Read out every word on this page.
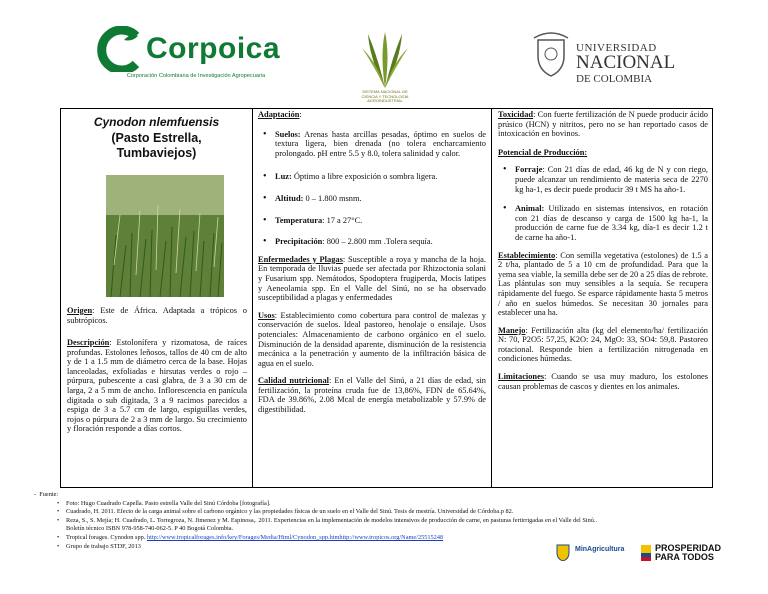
Corpoica
Corporación Colombiana de Investigación Agropecuaria
SISTEMA NACIONAL DE CIENCIA Y TECNOLOGÍA AGROINDUSTRIAL
UNIVERSIDAD
NACIONAL
DE COLOMBIA
Cynodon nlemfuensis
(Pasto Estrella, Tumbaviejos)
Origen: Este de África. Adaptada a trópicos o subtrópicos.
Descripción: Estolonífera y rizomatosa, de raíces profundas. Estolones leñosos, tallos de 40 cm de alto y de 1 a 1.5 mm de diámetro cerca de la base. Hojas lanceoladas, exfoliadas e hirsutas verdes o rojo – púrpura, pubescente a casi glabra, de 3 a 30 cm de larga, 2 a 5 mm de ancho. Inflorescencia en panícula digitada o sub digitada, 3 a 9 racimos parecidos a espiga de 3 a 5.7 cm de largo, espiguillas verdes, rojos o púrpura de 2 a 3 mm de largo. Su crecimiento y floración responde a días cortos.
Adaptación:
• Suelos: Arenas hasta arcillas pesadas, óptimo en suelos de textura ligera, bien drenada (no tolera encharcamiento prolongado. pH entre 5.5 y 8.0, tolera salinidad y calor.
• Luz: Óptimo a libre exposición o sombra ligera.
• Altitud: 0 – 1.800 msnm.
• Temperatura: 17 a 27°C.
• Precipitación: 800 – 2.800 mm .Tolera sequía.
Enfermedades y Plagas: Susceptible a roya y mancha de la hoja. En temporada de lluvias puede ser afectada por Rhizoctonia solani y Fusarium spp. Nemátodos, Spodoptera frugiperda, Mocis latipes y Aeneolamia spp. En el Valle del Sinú, no se ha observado susceptibilidad a plagas y enfermedades
Usos: Establecimiento como cobertura para control de malezas y conservación de suelos. Ideal pastoreo, henolaje o ensilaje. Usos potenciales: Almacenamiento de carbono orgánico en el suelo. Disminución de la densidad aparente, disminución de la resistencia mecánica a la penetración y aumento de la infiltración básica de agua en el suelo.
Calidad nutricional: En el Valle del Sinú, a 21 días de edad, sin fertilización, la proteína cruda fue de 13,86%, FDN de 65.64%, FDA de 39.86%, 2.08 Mcal de energía metabolizable y 57.9% de digestibilidad.
Toxicidad: Con fuerte fertilización de N puede producir ácido prúsico (HCN) y nitritos, pero no se han reportado casos de intoxicación en bovinos.
Potencial de Producción:
• Forraje: Con 21 días de edad, 46 kg de N y con riego, puede alcanzar un rendimiento de materia seca de 2270 kg ha-1, es decir puede producir 39 t MS ha año-1.
• Animal: Utilizado en sistemas intensivos, en rotación con 21 días de descanso y carga de 1500 kg ha-1, la producción de carne fue de 3.34 kg, día-1 es decir 1.2 t de carne ha año-1.
Establecimiento: Con semilla vegetativa (estolones) de 1.5 a 2 t/ha, plantado de 5 a 10 cm de profundidad. Para que la yema sea viable, la semilla debe ser de 20 a 25 días de rebrote. Las plántulas son muy sensibles a la sequía. Se recupera rápidamente del fuego. Se esparce rápidamente hasta 5 metros / año en suelos húmedos. Se necesitan 30 jornales para establecer una ha.
Manejo: Fertilización alta (kg del elemento/ha/ fertilización N: 70, P2O5: 57,25, K2O: 24, MgO: 33, SO4: 59,8. Pastoreo rotacional. Responde bien a fertilización nitrogenada en condiciones húmedas.
Limitaciones: Cuando se usa muy maduro, los estolones causan problemas de cascos y dientes en los animales.
-  Fuente:
• Foto: Hugo Cuadrado Capella. Pasto estrella Valle del Sinú Córdoba [fotografía].
• Cuadrado, H. 2011. Efecto de la carga animal sobre el carbono orgánico y las propiedades físicas de un suelo en el Valle del Sinú. Tesis de mestría. Universidad de Córdoba.p 82.
• Reza, S., S. Mejía; H. Cuadrado, L. Torregroza, N. Jimenez y M. Espinosa,. 2011. Experiencias en la implementación de modelos intensivos de producción de carne, en pasturas fertirrigadas en el Valle del Sinú..
Boletín técnico ISBN 978-958-740-062-5. P 40 Bogotá Colombia.
• Tropical forages. Cynodon spp. http://www.tropicalforages.info/key/Forages/Media/Html/Cynodon_spp.htmhttp://www.tropicos.org/Name/25515248
• Grupo de trabajo STDF, 2013	MinAgricultura	PROSPERIDAD
PARA TODOS
